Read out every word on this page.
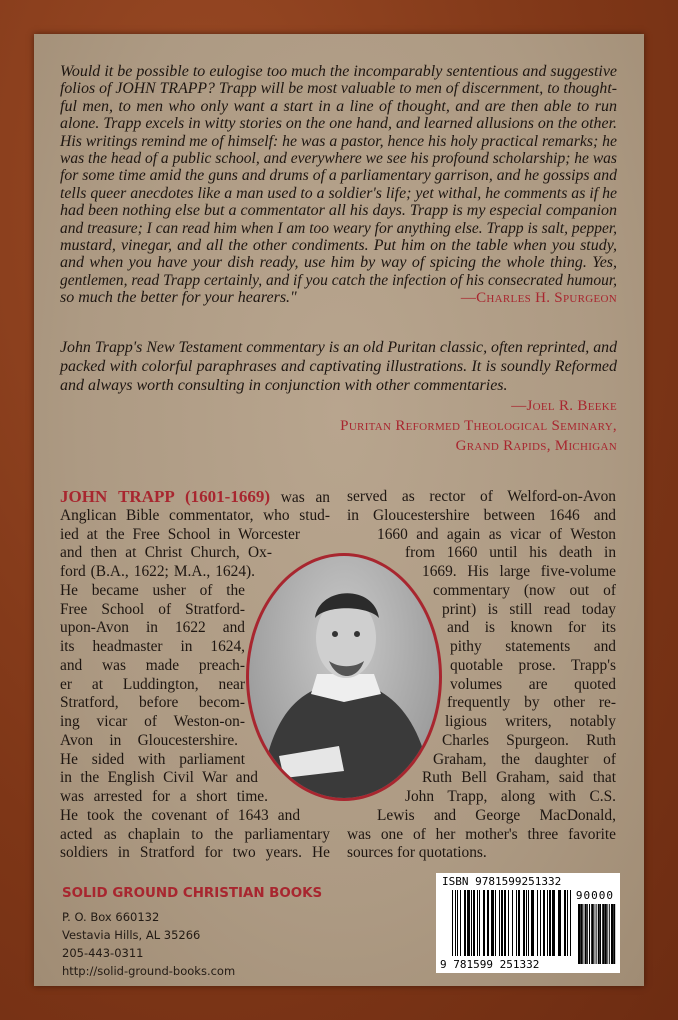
—Charles H. Spurgeon
—Joel R. Beeke
Puritan Reformed Theological Seminary,
Grand Rapids, Michigan
SOLID GROUND CHRISTIAN BOOKS
P. O. Box 660132
Vestavia Hills, AL 35266
205-443-0311
http://solid-ground-books.com
ISBN 9781599251332
90000
9 781599 251332
Would it be possible to eulogise too much the incomparably sententious and suggestive
folios of JOHN TRAPP? Trapp will be most valuable to men of discernment, to thought-
ful men, to men who only want a start in a line of thought, and are then able to run
alone. Trapp excels in witty stories on the one hand, and learned allusions on the other.
His writings remind me of himself: he was a pastor, hence his holy practical remarks; he
was the head of a public school, and everywhere we see his profound scholarship; he was
for some time amid the guns and drums of a parliamentary garrison, and he gossips and
tells queer anecdotes like a man used to a soldier's life; yet withal, he comments as if he
had been nothing else but a commentator all his days. Trapp is my especial companion
and treasure; I can read him when I am too weary for anything else. Trapp is salt, pepper,
mustard, vinegar, and all the other condiments. Put him on the table when you study,
and when you have your dish ready, use him by way of spicing the whole thing. Yes,
gentlemen, read Trapp certainly, and if you catch the infection of his consecrated humour,
so much the better for your hearers."
John Trapp's New Testament commentary is an old Puritan classic, often reprinted, and
packed with colorful paraphrases and captivating illustrations. It is soundly Reformed
and always worth consulting in conjunction with other commentaries.
JOHN TRAPP (1601-1669) was an
Anglican Bible commentator, who stud-
ied at the Free School in Worcester
and then at Christ Church, Ox-
ford (B.A., 1622; M.A., 1624).
He became usher of the
Free School of Stratford-
upon-Avon in 1622 and
its headmaster in 1624,
and was made preach-
er at Luddington, near
Stratford, before becom-
ing vicar of Weston-on-
Avon in Gloucestershire.
He sided with parliament
in the English Civil War and
was arrested for a short time.
He took the covenant of 1643 and
acted as chaplain to the parliamentary
soldiers in Stratford for two years. He
served as rector of Welford-on-Avon
in Gloucestershire between 1646 and
1660 and again as vicar of Weston
from 1660 until his death in
1669. His large five-volume
commentary (now out of
print) is still read today
and is known for its
pithy statements and
quotable prose. Trapp's
volumes are quoted
frequently by other re-
ligious writers, notably
Charles Spurgeon. Ruth
Graham, the daughter of
Ruth Bell Graham, said that
John Trapp, along with C.S.
Lewis and George MacDonald,
was one of her mother's three favorite
sources for quotations.
